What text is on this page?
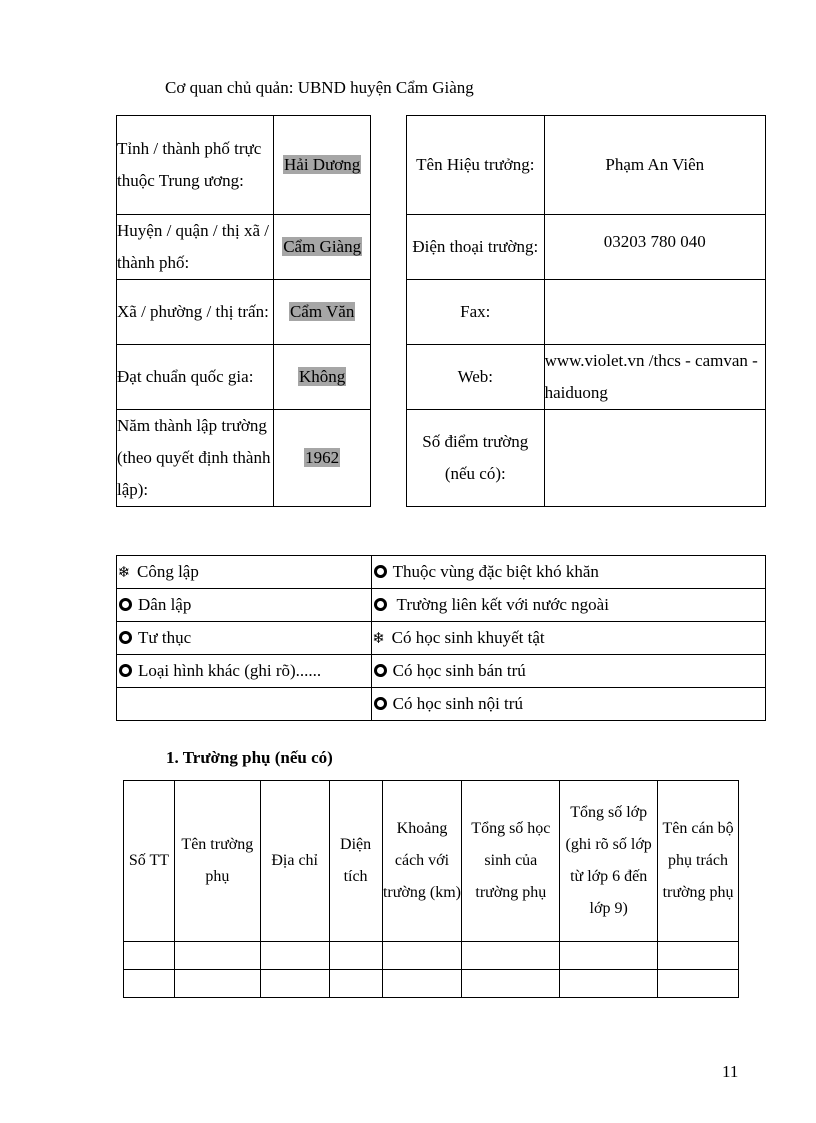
Cơ quan chủ quản: UBND huyện Cẩm Giàng
Tỉnh / thành phố trực thuộc Trung ương:	Hải Dương
Huyện / quận / thị xã / thành phố:	Cẩm Giàng
Xã / phường / thị trấn:	Cẩm Văn
Đạt chuẩn quốc gia:	Không
Năm thành lập trường (theo quyết định thành lập):	1962
Tên Hiệu trưởng:	Phạm An Viên
Điện thoại trường:	03203 780 040
Fax:	
Web:	www.violet.vn /thcs - camvan - haiduong
Số điểm trường (nếu có):	
❄ Công lập	Thuộc vùng đặc biệt khó khăn
Dân lập	Trường liên kết với nước ngoài
Tư thục	❄ Có học sinh khuyết tật
Loại hình khác (ghi rõ)......	Có học sinh bán trú
	Có học sinh nội trú
1. Trường phụ (nếu có)
Số TT	Tên trường phụ	Địa chỉ	Diện tích	Khoảng cách với trường (km)	Tổng số học sinh của trường phụ	Tổng số lớp (ghi rõ số lớp từ lớp 6 đến lớp 9)	Tên cán bộ phụ trách trường phụ

11
